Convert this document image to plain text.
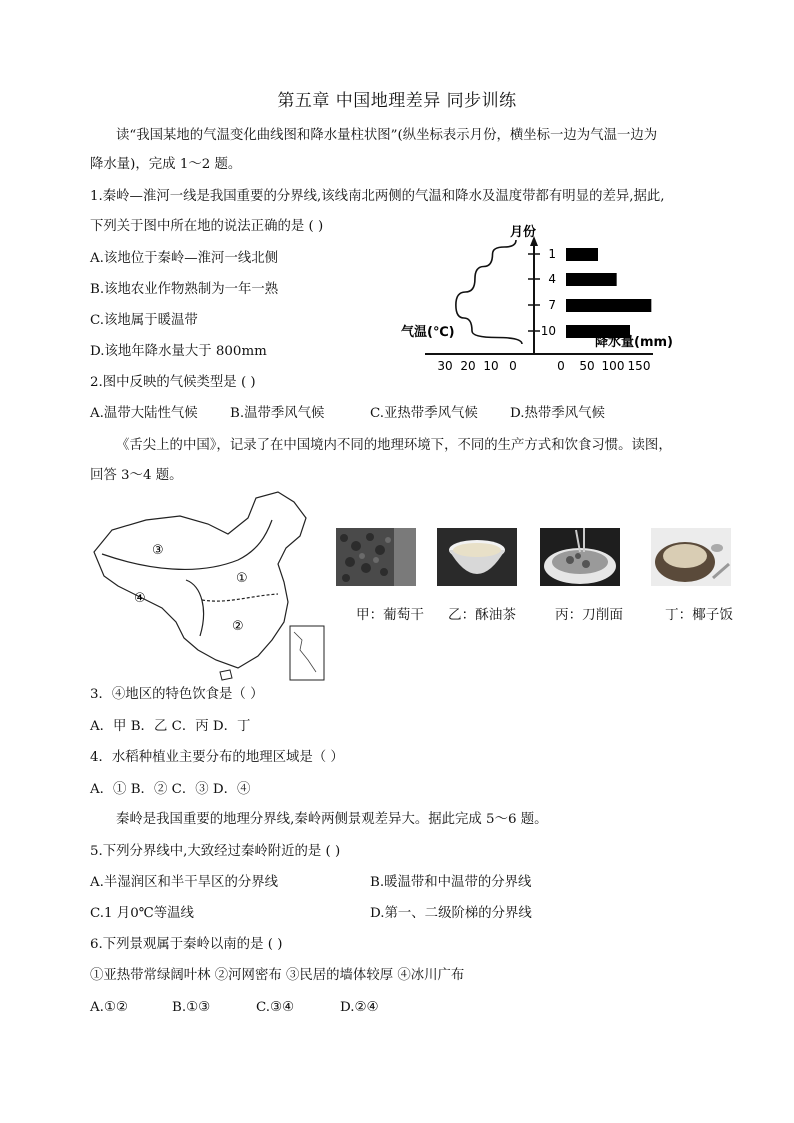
第五章 中国地理差异 同步训练
读“我国某地的气温变化曲线图和降水量柱状图”(纵坐标表示月份，横坐标一边为气温一边为
降水量)，完成 1～2 题。
1.秦岭—淮河一线是我国重要的分界线,该线南北两侧的气温和降水及温度带都有明显的差异,据此,
下列关于图中所在地的说法正确的是 ( )
A.该地位于秦岭—淮河一线北侧
B.该地农业作物熟制为一年一熟
C.该地属于暖温带
D.该地年降水量大于 800mm
月份
1
4
7
10
30 20 10 0	0 50 100 150
气温(℃)
降水量(mm)
2.图中反映的气候类型是 ( )
A.温带大陆性气候 B.温带季风气候	C.亚热带季风气候 D.热带季风气候
《舌尖上的中国》，记录了在中国境内不同的地理环境下，不同的生产方式和饮食习惯。读图，
回答 3～4 题。
③
④
①
②
甲：葡萄干 乙：酥油茶	丙：刀削面	丁：椰子饭
3．④地区的特色饮食是（ ）
A．甲 B．乙 C．丙 D．丁
4．水稻种植业主要分布的地理区域是（ ）
A．① B．② C．③ D．④
秦岭是我国重要的地理分界线,秦岭两侧景观差异大。据此完成 5～6 题。
5.下列分界线中,大致经过秦岭附近的是 ( )
A.半湿润区和半干旱区的分界线	B.暖温带和中温带的分界线
C.1 月0℃等温线	D.第一、二级阶梯的分界线
6.下列景观属于秦岭以南的是 ( )
①亚热带常绿阔叶林 ②河网密布 ③民居的墙体较厚 ④冰川广布
A.①②	B.①③	C.③④	D.②④
